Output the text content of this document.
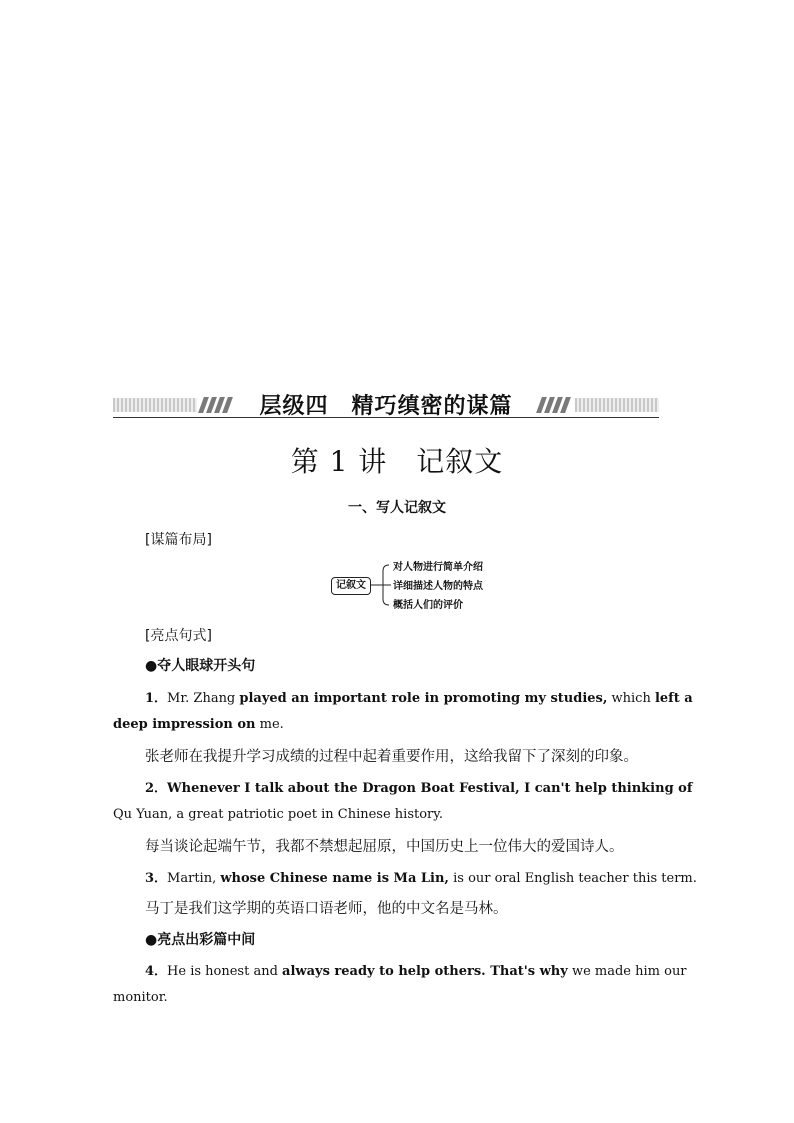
层级四　精巧缜密的谋篇
第 1 讲　记叙文
一、写人记叙文
[谋篇布局]
记叙文
对人物进行简单介绍
详细描述人物的特点
概括人们的评价
[亮点句式]
●夺人眼球开头句
1．Mr. Zhang played an important role in promoting my studies, which left a
deep impression on me.
张老师在我提升学习成绩的过程中起着重要作用，这给我留下了深刻的印象。
2．Whenever I talk about the Dragon Boat Festival, I can't help thinking of
Qu Yuan, a great patriotic poet in Chinese history.
每当谈论起端午节，我都不禁想起屈原，中国历史上一位伟大的爱国诗人。
3．Martin, whose Chinese name is Ma Lin, is our oral English teacher this term.
马丁是我们这学期的英语口语老师，他的中文名是马林。
●亮点出彩篇中间
4．He is honest and always ready to help others. That's why we made him our
monitor.
